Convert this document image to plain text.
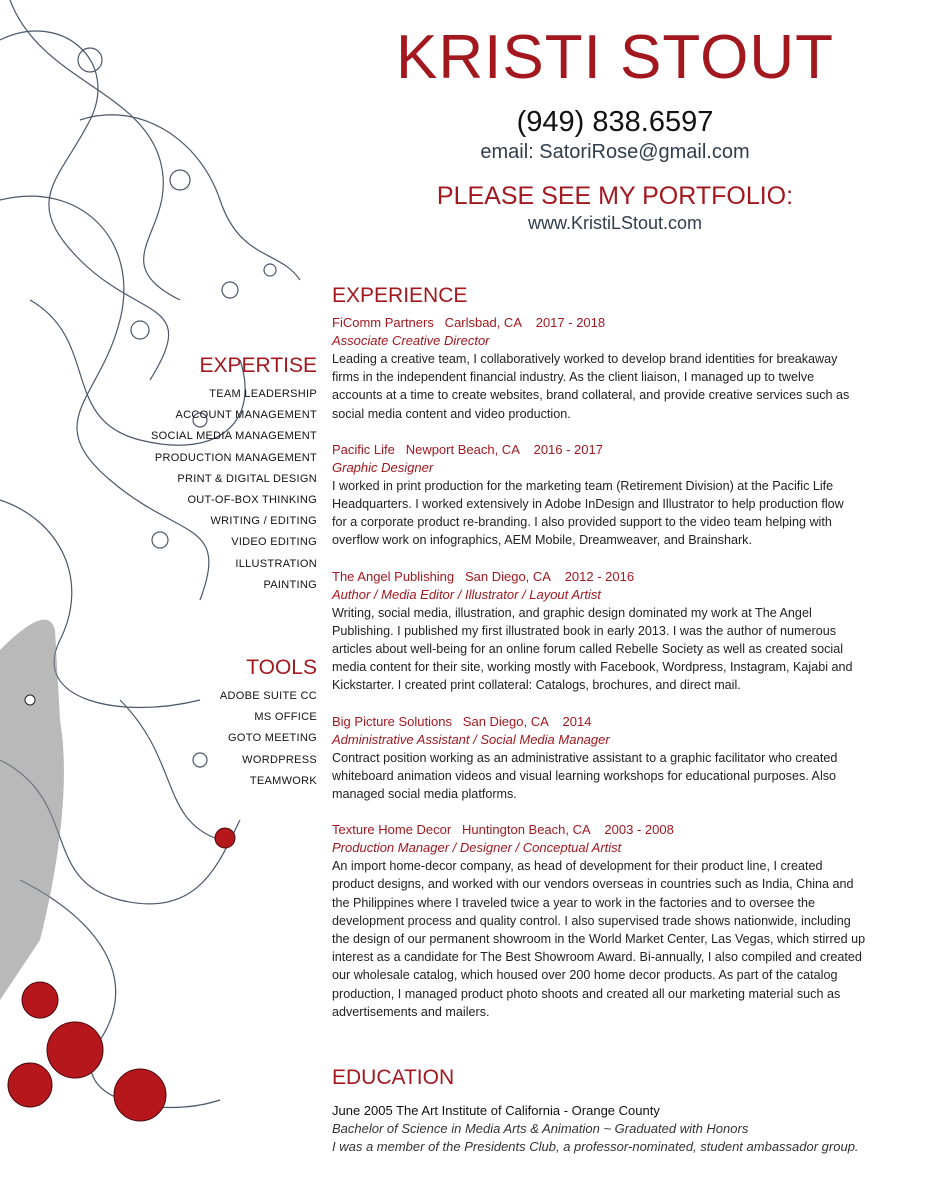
KRISTI STOUT
(949) 838.6597
email: SatoriRose@gmail.com
PLEASE SEE MY PORTFOLIO:
www.KristiLStout.com
EXPERTISE
TEAM LEADERSHIP
ACCOUNT MANAGEMENT
SOCIAL MEDIA MANAGEMENT
PRODUCTION MANAGEMENT
PRINT & DIGITAL DESIGN
OUT-OF-BOX THINKING
WRITING / EDITING
VIDEO EDITING
ILLUSTRATION
PAINTING
TOOLS
ADOBE SUITE CC
MS OFFICE
GOTO MEETING
WORDPRESS
TEAMWORK
EXPERIENCE
FiComm Partners   Carlsbad, CA    2017 - 2018
Associate Creative Director
Leading a creative team, I collaboratively worked to develop brand identities for breakaway
firms in the independent financial industry. As the client liaison, I managed up to twelve
accounts at a time to create websites, brand collateral, and provide creative services such as
social media content and video production.
Pacific Life   Newport Beach, CA    2016 - 2017
Graphic Designer
I worked in print production for the marketing team (Retirement Division) at the Pacific Life
Headquarters. I worked extensively in Adobe InDesign and Illustrator to help production flow
for a corporate product re-branding. I also provided support to the video team helping with
overflow work on infographics, AEM Mobile, Dreamweaver, and Brainshark.
The Angel Publishing   San Diego, CA    2012 - 2016
Author / Media Editor / Illustrator / Layout Artist
Writing, social media, illustration, and graphic design dominated my work at The Angel
Publishing. I published my first illustrated book in early 2013. I was the author of numerous
articles about well-being for an online forum called Rebelle Society as well as created social
media content for their site, working mostly with Facebook, Wordpress, Instagram, Kajabi and
Kickstarter. I created print collateral: Catalogs, brochures, and direct mail.
Big Picture Solutions   San Diego, CA    2014
Administrative Assistant / Social Media Manager
Contract position working as an administrative assistant to a graphic facilitator who created
whiteboard animation videos and visual learning workshops for educational purposes. Also
managed social media platforms.
Texture Home Decor   Huntington Beach, CA    2003 - 2008
Production Manager / Designer / Conceptual Artist
An import home-decor company, as head of development for their product line, I created
product designs, and worked with our vendors overseas in countries such as India, China and
the Philippines where I traveled twice a year to work in the factories and to oversee the
development process and quality control. I also supervised trade shows nationwide, including
the design of our permanent showroom in the World Market Center, Las Vegas, which stirred up
interest as a candidate for The Best Showroom Award. Bi-annually, I also compiled and created
our wholesale catalog, which housed over 200 home decor products. As part of the catalog
production, I managed product photo shoots and created all our marketing material such as
advertisements and mailers.
EDUCATION
June 2005 The Art Institute of California - Orange County
Bachelor of Science in Media Arts & Animation ~ Graduated with Honors
I was a member of the Presidents Club, a professor-nominated, student ambassador group.
